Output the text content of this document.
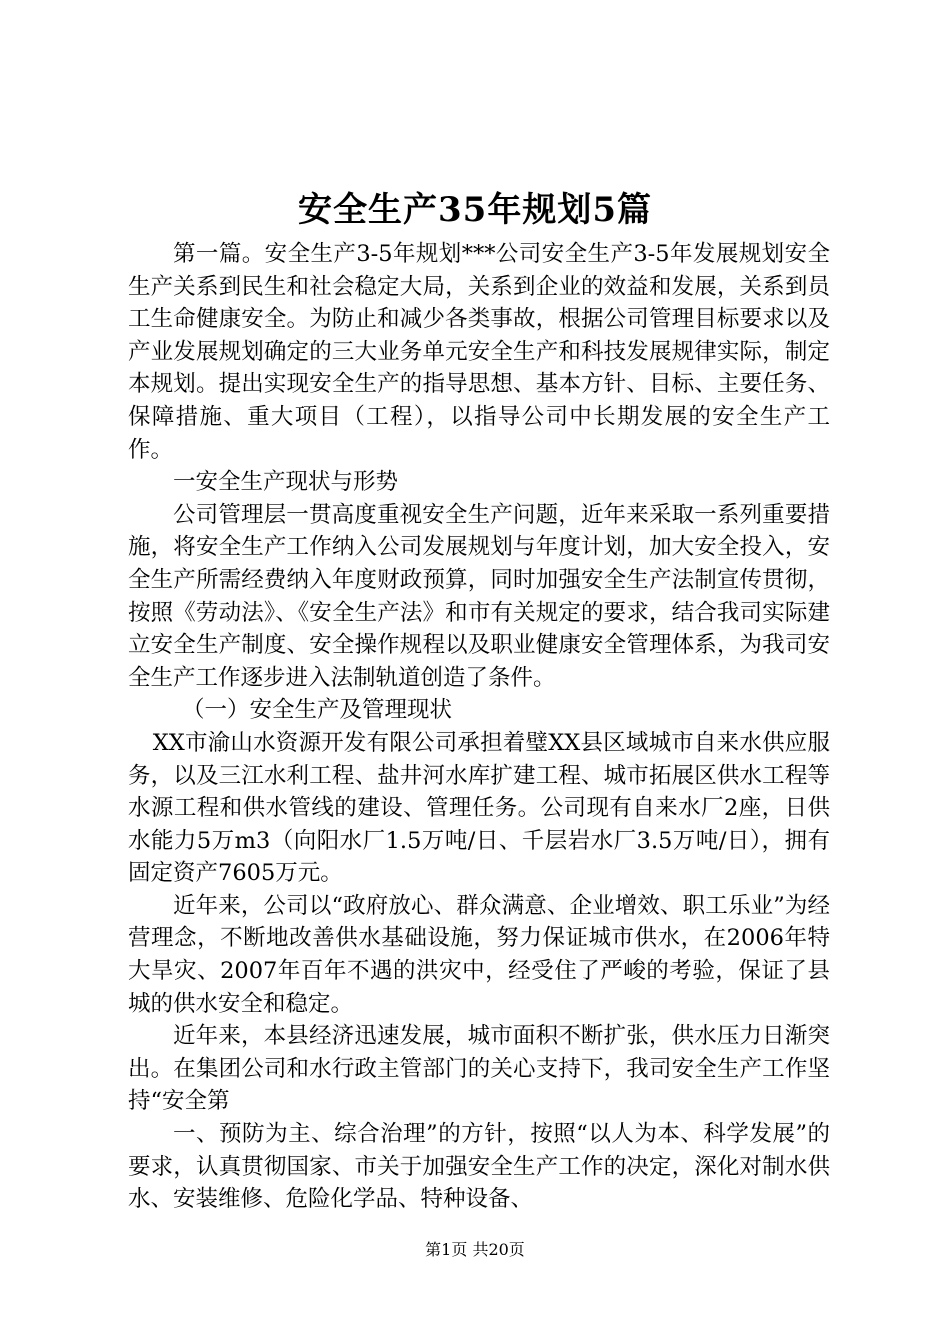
安全生产35年规划5篇

第一篇。安全生产3-5年规划***公司安全生产3-5年发展规划安全生产关系到民生和社会稳定大局，关系到企业的效益和发展，关系到员工生命健康安全。为防止和减少各类事故，根据公司管理目标要求以及产业发展规划确定的三大业务单元安全生产和科技发展规律实际，制定本规划。提出实现安全生产的指导思想、基本方针、目标、主要任务、保障措施、重大项目（工程），以指导公司中长期发展的安全生产工作。

一安全生产现状与形势

公司管理层一贯高度重视安全生产问题，近年来采取一系列重要措施，将安全生产工作纳入公司发展规划与年度计划，加大安全投入，安全生产所需经费纳入年度财政预算，同时加强安全生产法制宣传贯彻，按照《劳动法》、《安全生产法》和市有关规定的要求，结合我司实际建立安全生产制度、安全操作规程以及职业健康安全管理体系，为我司安全生产工作逐步进入法制轨道创造了条件。

（一）安全生产及管理现状

XX市渝山水资源开发有限公司承担着璧XX县区域城市自来水供应服务，以及三江水利工程、盐井河水库扩建工程、城市拓展区供水工程等水源工程和供水管线的建设、管理任务。公司现有自来水厂2座，日供水能力5万m3（向阳水厂1.5万吨/日、千层岩水厂3.5万吨/日），拥有固定资产7605万元。

近年来，公司以“政府放心、群众满意、企业增效、职工乐业”为经营理念，不断地改善供水基础设施，努力保证城市供水，在2006年特大旱灾、2007年百年不遇的洪灾中，经受住了严峻的考验，保证了县城的供水安全和稳定。

近年来，本县经济迅速发展，城市面积不断扩张，供水压力日渐突出。在集团公司和水行政主管部门的关心支持下，我司安全生产工作坚持“安全第

一、预防为主、综合治理”的方针，按照“以人为本、科学发展”的要求，认真贯彻国家、市关于加强安全生产工作的决定，深化对制水供水、安装维修、危险化学品、特种设备、

第1页 共20页
